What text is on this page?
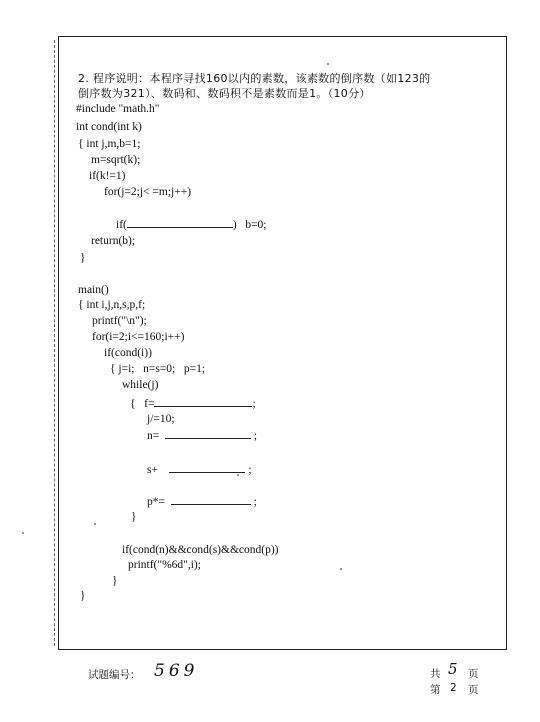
2. 程序说明：本程序寻找160以内的素数，该素数的倒序数（如123的
倒序数为321）、数码和、数码积不是素数而是1。（10分）
#include "math.h"
int cond(int k)
{ int j,m,b=1;
m=sqrt(k);
if(k!=1)
for(j=2;j< =m;j++)
if(	)   b=0;
return(b);
}
main()
{ int i,j,n,s,p,f;
printf("\n");
for(i=2;i<=160;i++)
if(cond(i))
{ j=i;   n=s=0;   p=1;
while(j)
{   f=	;
j/=10;
n=	;
s+	;
p*=	;
}
if(cond(n)&&cond(s)&&cond(p))
printf("%6d",i);
}
}
试题编号： 569	共 5 页
第 2 页
